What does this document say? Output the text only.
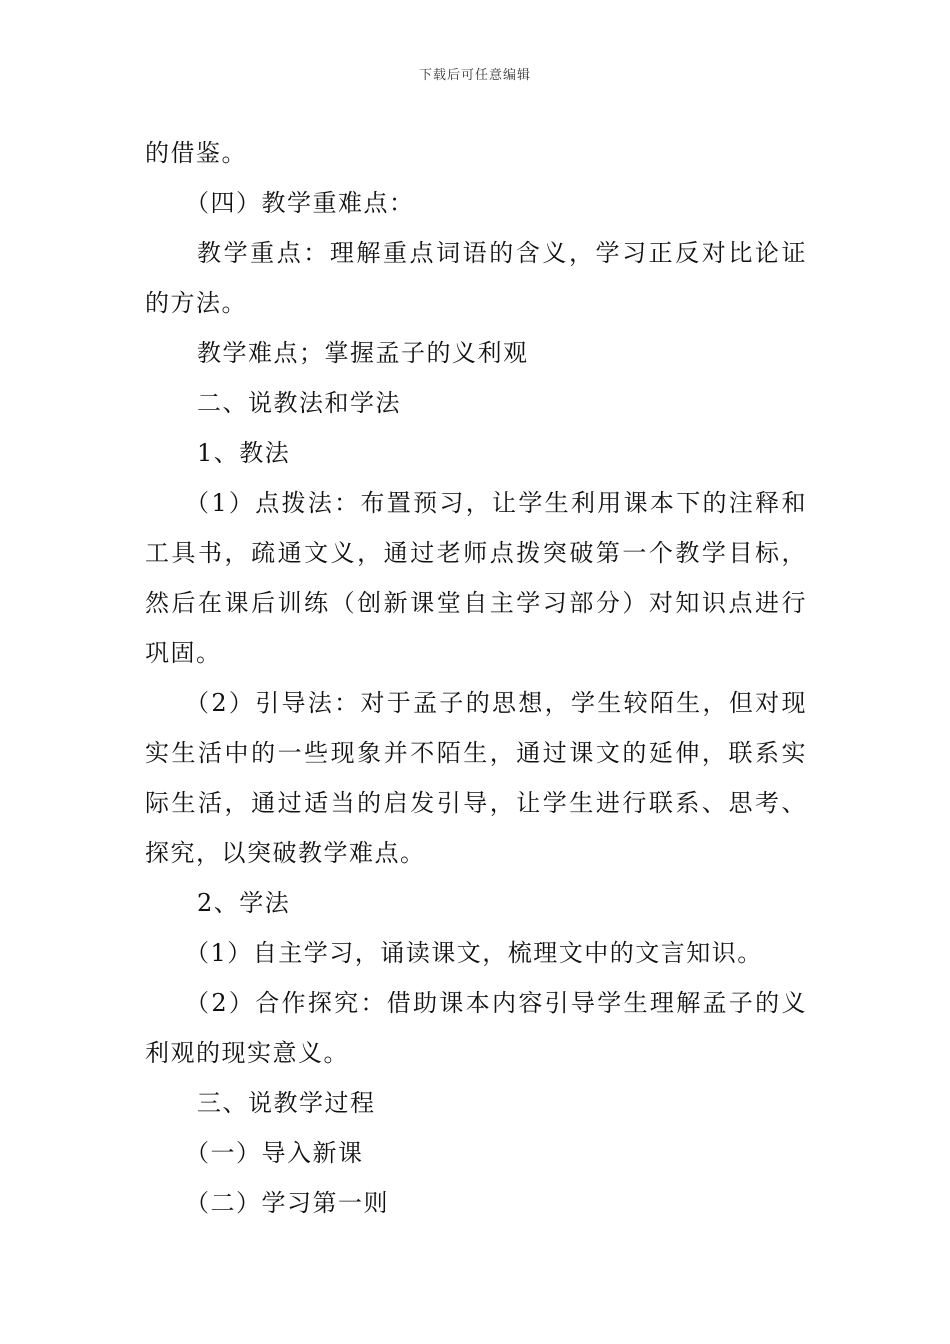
下载后可任意编辑

的借鉴。

（四）教学重难点：

教学重点：理解重点词语的含义，学习正反对比论证的方法。

教学难点；掌握孟子的义利观

二、说教法和学法

1、教法

（1）点拨法：布置预习，让学生利用课本下的注释和工具书，疏通文义，通过老师点拨突破第一个教学目标，然后在课后训练（创新课堂自主学习部分）对知识点进行巩固。

（2）引导法：对于孟子的思想，学生较陌生，但对现实生活中的一些现象并不陌生，通过课文的延伸，联系实际生活，通过适当的启发引导，让学生进行联系、思考、探究，以突破教学难点。

2、学法

（1）自主学习，诵读课文，梳理文中的文言知识。

（2）合作探究：借助课本内容引导学生理解孟子的义利观的现实意义。

三、说教学过程

（一）导入新课

（二）学习第一则
